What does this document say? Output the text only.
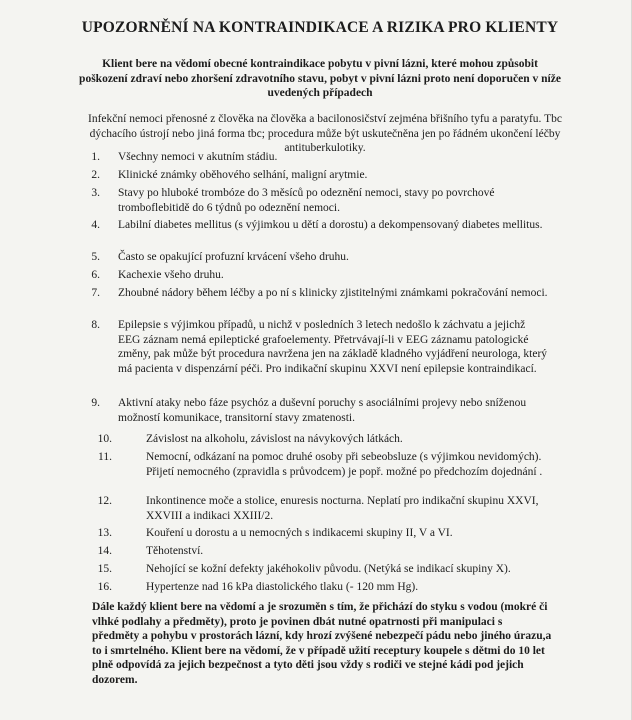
UPOZORNĚNÍ NA KONTRAINDIKACE A RIZIKA PRO KLIENTY
Klient bere na vědomí obecné kontraindikace pobytu v pivní lázni, které mohou způsobit poškození zdraví nebo zhoršení zdravotního stavu, pobyt v pivní lázni proto není doporučen v níže uvedených případech
Infekční nemoci přenosné z člověka na člověka a bacilonosičství zejména břišního tyfu a paratyfu. Tbc dýchacího ústrojí nebo jiná forma tbc; procedura může být uskutečněna jen po řádném ukončení léčby antituberkulotiky.
1. Všechny nemoci v akutním stádiu.
2. Klinické známky oběhového selhání, maligní arytmie.
3. Stavy po hluboké trombóze do 3 měsíců po odeznění nemoci, stavy po povrchové tromboflebitidě do 6 týdnů po odeznění nemoci.
4. Labilní diabetes mellitus (s výjimkou u dětí a dorostu) a dekompensovaný diabetes mellitus.
5. Často se opakující profuzní krvácení všeho druhu.
6. Kachexie všeho druhu.
7. Zhoubné nádory během léčby a po ní s klinicky zjistitelnými známkami pokračování nemoci.
8. Epilepsie s výjimkou případů, u nichž v posledních 3 letech nedošlo k záchvatu a jejichž EEG záznam nemá epileptické grafoelementy. Přetrvávají-li v EEG záznamu patologické změny, pak může být procedura navržena jen na základě kladného vyjádření neurologa, který má pacienta v dispenzární péči. Pro indikační skupinu XXVI není epilepsie kontraindikací.
9. Aktivní ataky nebo fáze psychóz a duševní poruchy s asociálními projevy nebo sníženou možností komunikace, transitorní stavy zmatenosti.
10.	Závislost na alkoholu, závislost na návykových látkách.
11.	Nemocní, odkázaní na pomoc druhé osoby při sebeobsluze (s výjimkou nevidomých). Přijetí nemocného (zpravidla s průvodcem) je popř. možné po předchozím dojednání .
12.	Inkontinence moče a stolice, enuresis nocturna. Neplatí pro indikační skupinu XXVI, XXVIII a indikaci XXIII/2.
13.	Kouření u dorostu a u nemocných s indikacemi skupiny II, V a VI.
14.	Těhotenství.
15.	Nehojící se kožní defekty jakéhokoliv původu. (Netýká se indikací skupiny X).
16.	Hypertenze nad 16 kPa diastolického tlaku (- 120 mm Hg).
Dále každý klient bere na vědomí a je srozuměn s tím, že přichází do styku s vodou (mokré či vlhké podlahy a předměty), proto je povinen dbát nutné opatrnosti při manipulaci s předměty a pohybu v prostorách lázní, kdy hrozí zvýšené nebezpečí pádu nebo jiného úrazu,a to i smrtelného. Klient bere na vědomí, že v případě užití receptury koupele s dětmi do 10 let plně odpovídá za jejich bezpečnost a tyto děti jsou vždy s rodiči ve stejné kádi pod jejich dozorem.
